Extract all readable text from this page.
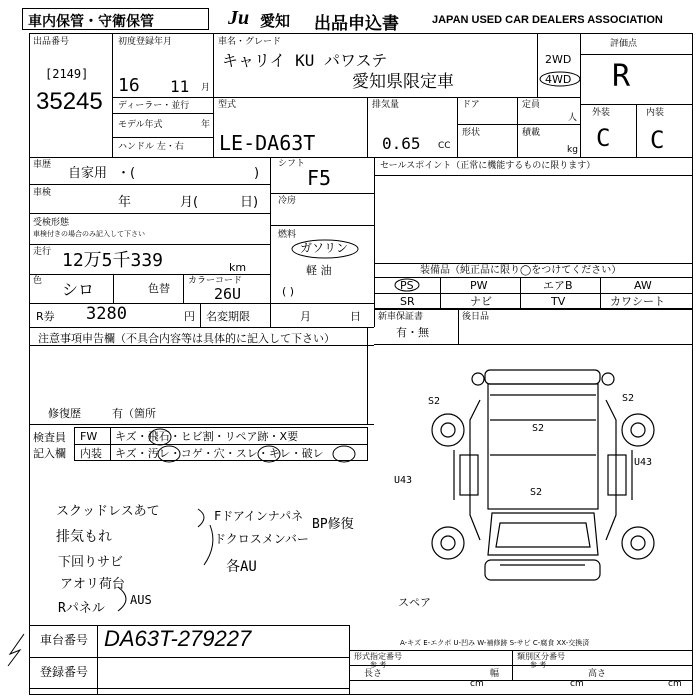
車内保管・守衛保管	Ju 愛知 出品申込書	JAPAN USED CAR DEALERS ASSOCIATION
出品番号
[2149]
35245
初度登録年月
16 11 月
ディーラー・並行
モデル年式	年
ハンドル 左・右
車名・グレード
キャリイ KU パワステ
愛知県限定車
2WD
4WD
評価点
R
外装	内装
C C
型式
LE-DA63T
排気量
0.65 CC
ドア	定員
人
形状	積載
kg
車歴
自家用 ・(	)
車検
年	月(	日)
受検形態
車検付きの場合のみ記入して下さい
走行 12万5千339	km
色 シロ	色替
カラーコード
26U
R券 3280	円 名変期限	月	日
シフト
F5
冷房
燃料
ガソリン
軽 油
( )
セールスポイント（正常に機能するものに限ります）
装備品（純正品に限り◯をつけてください）
PS	PW	エアB	AW
SR	ナビ	TV	カワシート
新車保証書
有・無
後日品
注意事項申告欄（不具合内容等は具体的に記入して下さい）
修復歴	有（箇所
検査員
記入欄
FW キズ・飛石・ヒビ割・リペア跡・X要
内装 キズ・汚レ・コゲ・穴・スレ・キレ・破レ
スクッドレスあて
排気もれ
下回りサビ
アオリ荷台
Rパネル
Fドアインナパネ
ドクロスメンバー
各AU
BP修復
AUS
S2	S2
S2
S2
U43
U43
スペア
A-キズ E-エクボ U-凹み W-補修跡 S-サビ C-腐食 XX-交換済
車台番号 DA63T-279227
登録番号
形式指定番号
参 考
類別区分番号
参 考
長さ
cm
幅
cm
高さ
cm
